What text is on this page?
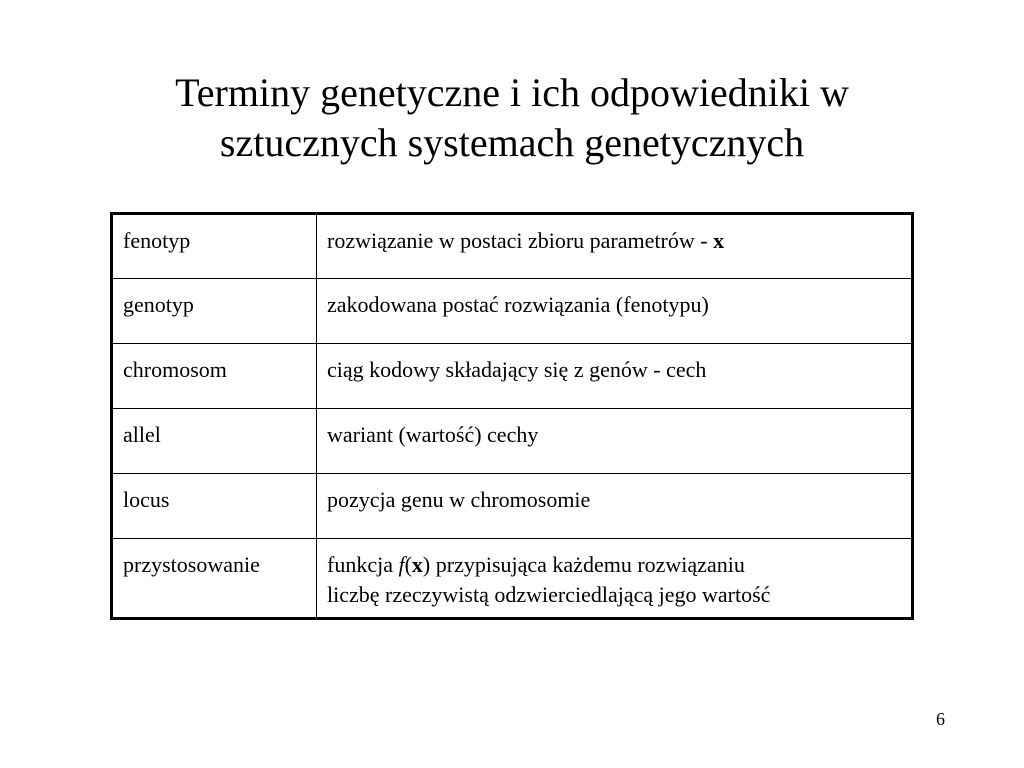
Terminy genetyczne i ich odpowiedniki w
sztucznych systemach genetycznych
fenotyp	rozwiązanie w postaci zbioru parametrów - x
genotyp	zakodowana postać rozwiązania (fenotypu)
chromosom	ciąg kodowy składający się z genów - cech
allel	wariant (wartość) cechy
locus	pozycja genu w chromosomie
przystosowanie	funkcja f(x) przypisująca każdemu rozwiązaniu
liczbę rzeczywistą odzwierciedlającą jego wartość
6
